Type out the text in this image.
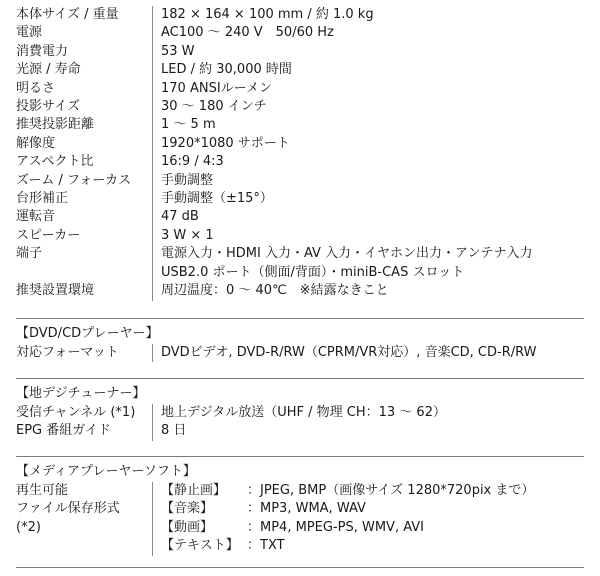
本体サイズ / 重量	182 × 164 × 100 mm / 約 1.0 kg
電源	AC100 〜 240 V　50/60 Hz
消費電力	53 W
光源 / 寿命	LED / 約 30,000 時間
明るさ	170 ANSIルーメン
投影サイズ	30 〜 180 インチ
推奨投影距離	1 〜 5 m
解像度	1920*1080 サポート
アスペクト比	16:9 / 4:3
ズーム / フォーカス	手動調整
台形補正	手動調整（±15°）
運転音	47 dB
スピーカー	3 W × 1
端子	電源入力・HDMI 入力・AV 入力・イヤホン出力・アンテナ入力
USB2.0 ポート（側面/背面）・miniB-CAS スロット
推奨設置環境	周辺温度：0 〜 40℃　※結露なきこと
【DVD/CDプレーヤー】
対応フォーマット	DVDビデオ, DVD-R/RW（CPRM/VR対応）, 音楽CD, CD-R/RW
【地デジチューナー】
受信チャンネル (*1)	地上デジタル放送（UHF / 物理 CH：13 〜 62）
EPG 番組ガイド	8 日
【メディアプレーヤーソフト】
再生可能
ファイル保存形式
(*2)
【静止画】	：JPEG, BMP（画像サイズ 1280*720pix まで）
【音楽】	：MP3, WMA, WAV
【動画】	：MP4, MPEG-PS, WMV, AVI
【テキスト】 ：TXT
